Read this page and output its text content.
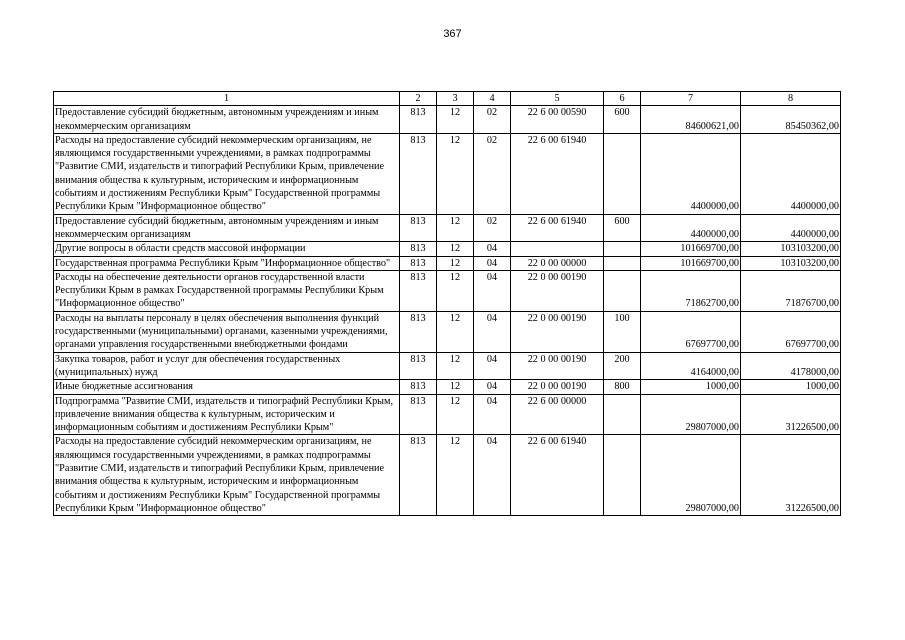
367
1	2	3	4	5	6	7	8
Предоставление субсидий бюджетным, автономным учреждениям и иным некоммерческим организациям	813	12	02	22 6 00 00590	600	84600621,00	85450362,00
Расходы на предоставление субсидий некоммерческим организациям, не являющимся государственными учреждениями, в рамках подпрограммы "Развитие СМИ, издательств и типографий Республики Крым, привлечение внимания общества к культурным, историческим и информационным событиям и достижениям Республики Крым" Государственной программы Республики Крым "Информационное общество"	813	12	02	22 6 00 61940		4400000,00	4400000,00
Предоставление субсидий бюджетным, автономным учреждениям и иным некоммерческим организациям	813	12	02	22 6 00 61940	600	4400000,00	4400000,00
Другие вопросы в области средств массовой информации	813	12	04			101669700,00	103103200,00
Государственная программа Республики Крым "Информационное общество"	813	12	04	22 0 00 00000		101669700,00	103103200,00
Расходы на обеспечение деятельности органов государственной власти Республики Крым в рамках Государственной программы Республики Крым "Информационное общество"	813	12	04	22 0 00 00190		71862700,00	71876700,00
Расходы на выплаты персоналу в целях обеспечения выполнения функций государственными (муниципальными) органами, казенными учреждениями, органами управления государственными внебюджетными фондами	813	12	04	22 0 00 00190	100	67697700,00	67697700,00
Закупка товаров, работ и услуг для обеспечения государственных (муниципальных) нужд	813	12	04	22 0 00 00190	200	4164000,00	4178000,00
Иные бюджетные ассигнования	813	12	04	22 0 00 00190	800	1000,00	1000,00
Подпрограмма "Развитие СМИ, издательств и типографий Республики Крым, привлечение внимания общества к культурным, историческим и информационным событиям и достижениям Республики Крым"	813	12	04	22 6 00 00000		29807000,00	31226500,00
Расходы на предоставление субсидий некоммерческим организациям, не являющимся государственными учреждениями, в рамках подпрограммы "Развитие СМИ, издательств и типографий Республики Крым, привлечение внимания общества к культурным, историческим и информационным событиям и достижениям Республики Крым" Государственной программы Республики Крым "Информационное общество"	813	12	04	22 6 00 61940		29807000,00	31226500,00
